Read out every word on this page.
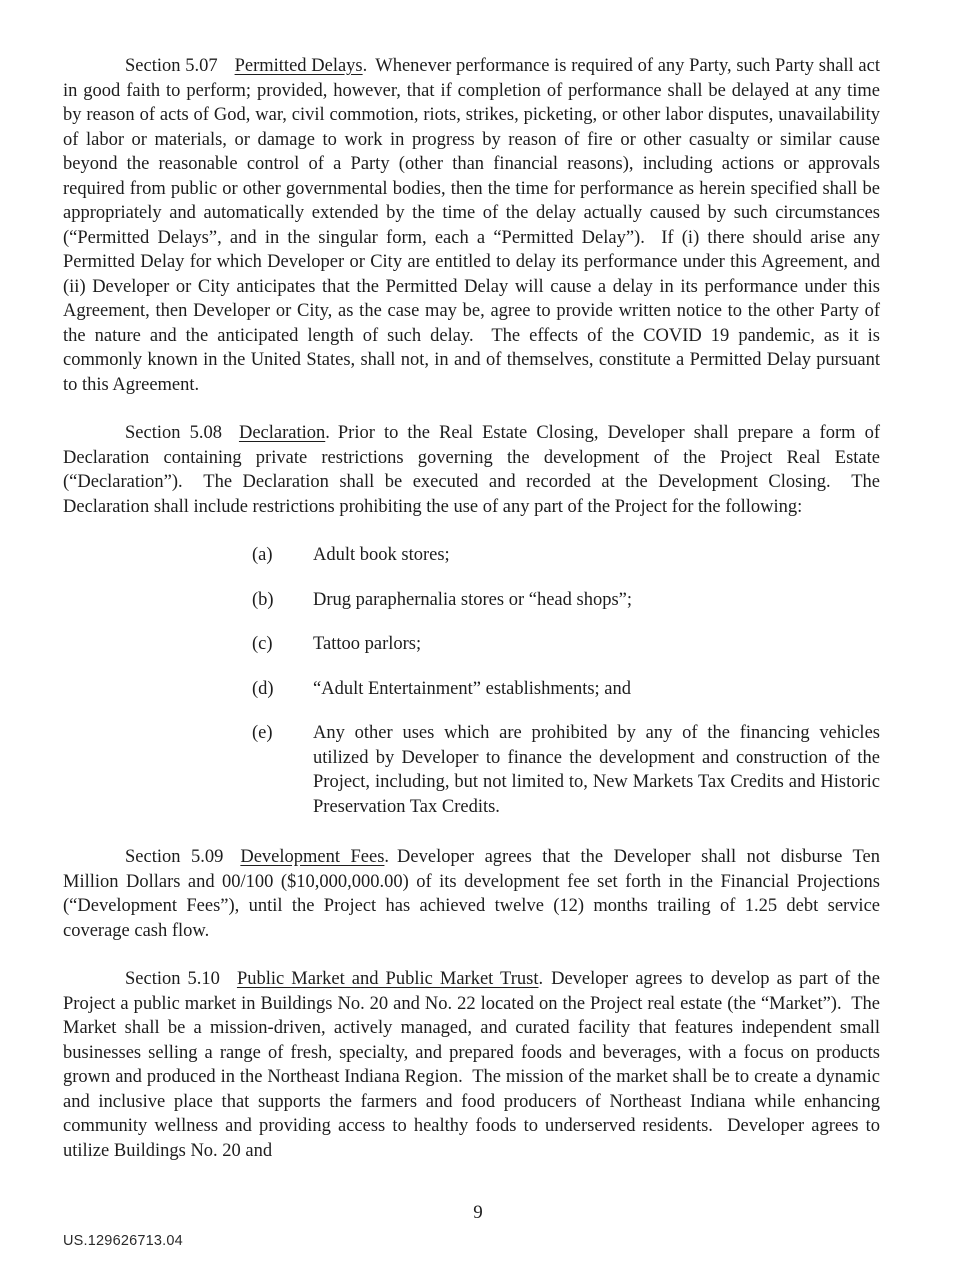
Section 5.07 Permitted Delays. Whenever performance is required of any Party, such Party shall act in good faith to perform; provided, however, that if completion of performance shall be delayed at any time by reason of acts of God, war, civil commotion, riots, strikes, picketing, or other labor disputes, unavailability of labor or materials, or damage to work in progress by reason of fire or other casualty or similar cause beyond the reasonable control of a Party (other than financial reasons), including actions or approvals required from public or other governmental bodies, then the time for performance as herein specified shall be appropriately and automatically extended by the time of the delay actually caused by such circumstances (“Permitted Delays”, and in the singular form, each a “Permitted Delay”).  If (i) there should arise any Permitted Delay for which Developer or City are entitled to delay its performance under this Agreement, and (ii) Developer or City anticipates that the Permitted Delay will cause a delay in its performance under this Agreement, then Developer or City, as the case may be, agree to provide written notice to the other Party of the nature and the anticipated length of such delay.  The effects of the COVID 19 pandemic, as it is commonly known in the United States, shall not, in and of themselves, constitute a Permitted Delay pursuant to this Agreement.

Section 5.08 Declaration. Prior to the Real Estate Closing, Developer shall prepare a form of Declaration containing private restrictions governing the development of the Project Real Estate (“Declaration”).  The Declaration shall be executed and recorded at the Development Closing.  The Declaration shall include restrictions prohibiting the use of any part of the Project for the following:

(a)	Adult book stores;
(b)	Drug paraphernalia stores or “head shops”;
(c)	Tattoo parlors;
(d)	“Adult Entertainment” establishments; and
(e)	Any other uses which are prohibited by any of the financing vehicles utilized by Developer to finance the development and construction of the Project, including, but not limited to, New Markets Tax Credits and Historic Preservation Tax Credits.

Section 5.09 Development Fees. Developer agrees that the Developer shall not disburse Ten Million Dollars and 00/100 ($10,000,000.00) of its development fee set forth in the Financial Projections (“Development Fees”), until the Project has achieved twelve (12) months trailing of 1.25 debt service coverage cash flow.

Section 5.10 Public Market and Public Market Trust. Developer agrees to develop as part of the Project a public market in Buildings No. 20 and No. 22 located on the Project real estate (the “Market”).  The Market shall be a mission-driven, actively managed, and curated facility that features independent small businesses selling a range of fresh, specialty, and prepared foods and beverages, with a focus on products grown and produced in the Northeast Indiana Region.  The mission of the market shall be to create a dynamic and inclusive place that supports the farmers and food producers of Northeast Indiana while enhancing community wellness and providing access to healthy foods to underserved residents.  Developer agrees to utilize Buildings No. 20 and

9
US.129626713.04
